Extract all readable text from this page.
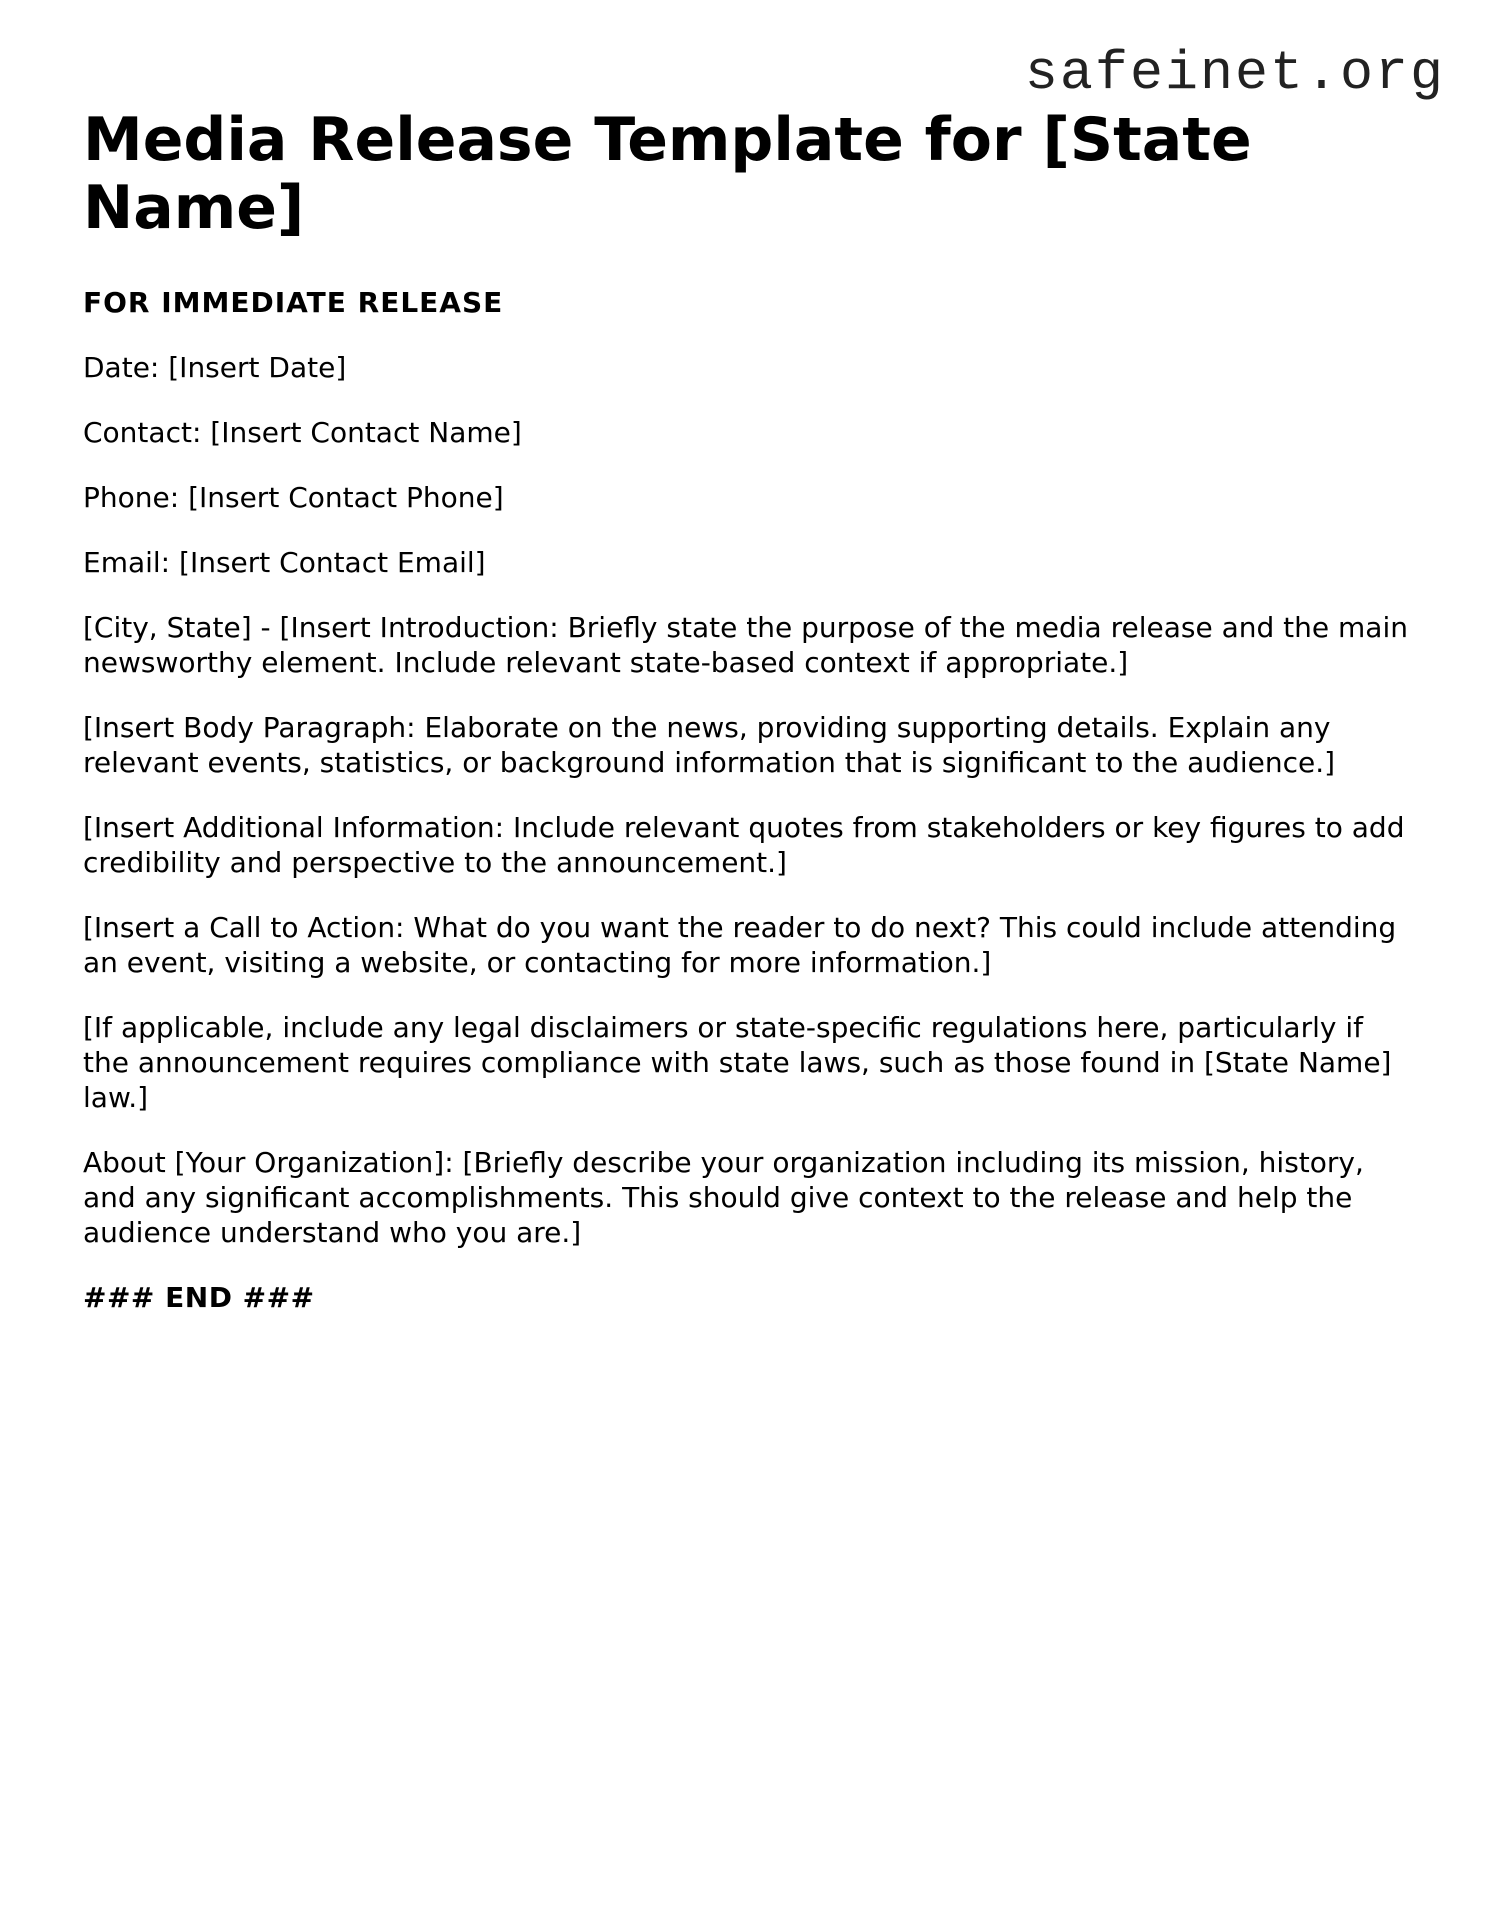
safeinet.org
Media Release Template for [State Name]
FOR IMMEDIATE RELEASE

Date: [Insert Date]

Contact: [Insert Contact Name]

Phone: [Insert Contact Phone]

Email: [Insert Contact Email]

[City, State] - [Insert Introduction: Briefly state the purpose of the media release and the main newsworthy element. Include relevant state-based context if appropriate.]

[Insert Body Paragraph: Elaborate on the news, providing supporting details. Explain any relevant events, statistics, or background information that is significant to the audience.]

[Insert Additional Information: Include relevant quotes from stakeholders or key figures to add credibility and perspective to the announcement.]

[Insert a Call to Action: What do you want the reader to do next? This could include attending an event, visiting a website, or contacting for more information.]

[If applicable, include any legal disclaimers or state-specific regulations here, particularly if the announcement requires compliance with state laws, such as those found in [State Name] law.]

About [Your Organization]: [Briefly describe your organization including its mission, history, and any significant accomplishments. This should give context to the release and help the audience understand who you are.]

### END ###
